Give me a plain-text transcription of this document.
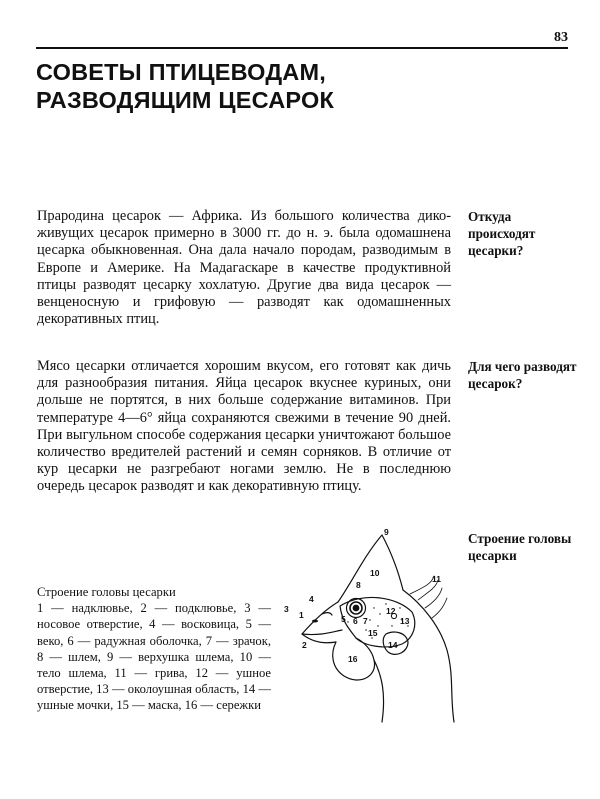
83
СОВЕТЫ ПТИЦЕВОДАМ,
РАЗВОДЯЩИМ ЦЕСАРОК

Прародина цесарок — Африка. Из большого количества дико-живущих цесарок примерно в 3000 гг. до н. э. была одомашнена цесарка обыкновенная. Она дала начало породам, разводимым в Европе и Америке. На Мадагаскаре в качестве продуктивной птицы разводят цесарку хохлатую. Другие два вида цесарок — венценосную и грифовую — разводят как одомашненных декоративных птиц.

Мясо цесарки отличается хорошим вкусом, его готовят как дичь для разнообразия питания. Яйца цесарок вкуснее куриных, они дольше не портятся, в них больше содержание витаминов. При температуре 4—6° яйца сохраняются свежими в течение 90 дней. При выгульном способе содержания цесарки уничтожают большое количество вредителей растений и семян сорняков. В отличие от кур цесарки не разгребают ногами землю. Не в последнюю очередь цесарок разводят и как декоративную птицу.

Откуда происходят цесарки?

Для чего разводят цесарок?

Строение головы цесарки

Строение головы цесарки
1 — надклювье, 2 — подклювье, 3 — носовое отверстие, 4 — восковица, 5 — веко, 6 — радужная оболочка, 7 — зрачок, 8 — шлем, 9 — верхушка шлема, 10 — тело шлема, 11 — грива, 12 — ушное отверстие, 13 — околоушная область, 14 — ушные мочки, 15 — маска, 16 — сережки
1
2
3
4
5 6 7
8
9
10
11
12
13
14
15
16
